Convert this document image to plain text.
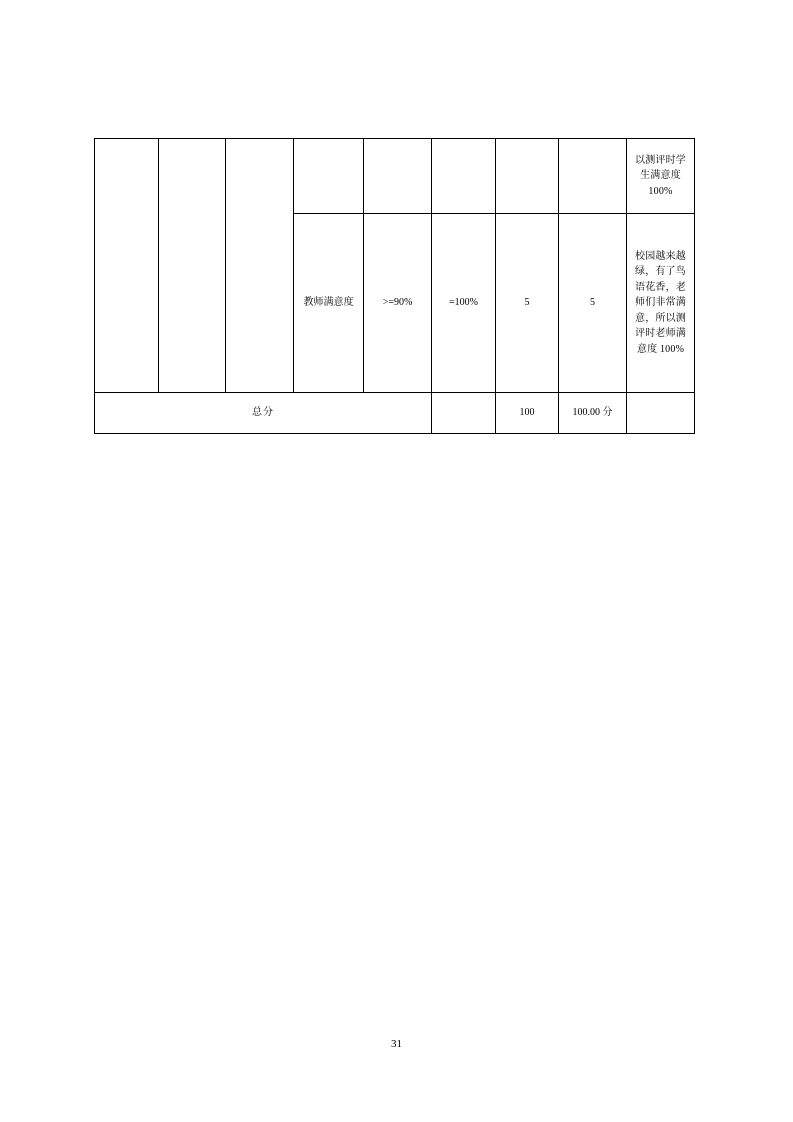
								以测评时学生满意度 100%
			教师满意度	>=90%	=100%	5	5	校园越来越绿，有了鸟语花香，老师们非常满意，所以测评时老师满意度 100%
总分						100	100.00 分	
31
